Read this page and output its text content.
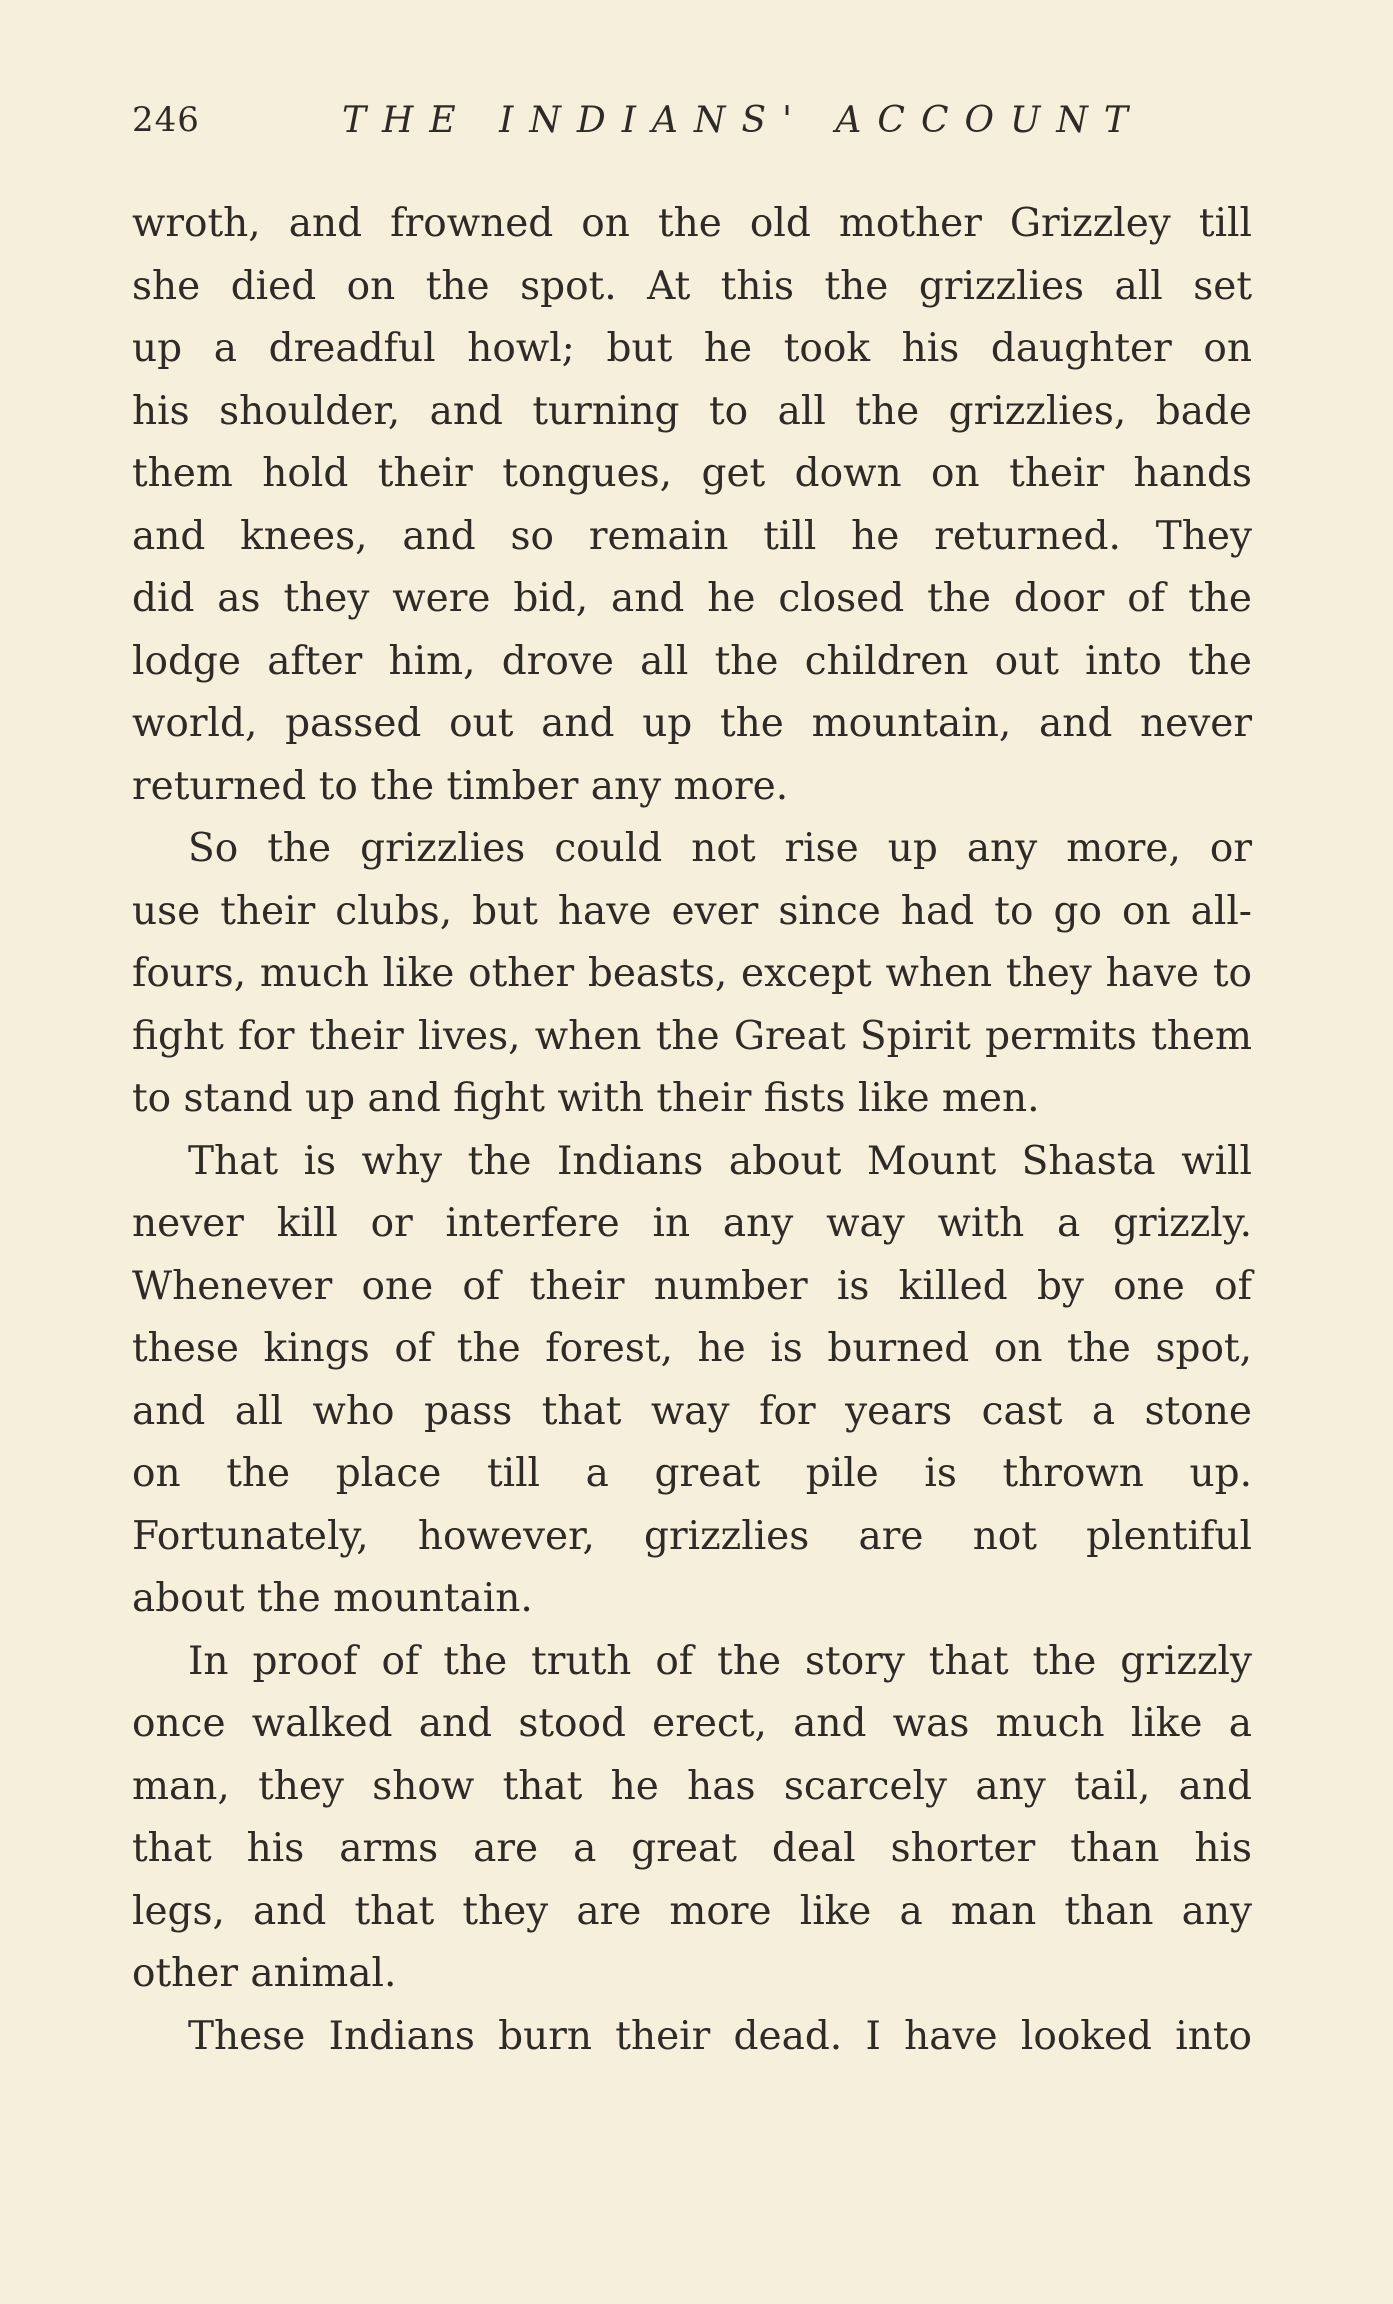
246	THE INDIANS' ACCOUNT
wroth, and frowned on the old mother Grizzley till
she died on the spot. At this the grizzlies all set
up a dreadful howl; but he took his daughter on
his shoulder, and turning to all the grizzlies, bade
them hold their tongues, get down on their hands
and knees, and so remain till he returned. They
did as they were bid, and he closed the door of the
lodge after him, drove all the children out into the
world, passed out and up the mountain, and never
returned to the timber any more.
So the grizzlies could not rise up any more, or
use their clubs, but have ever since had to go on all-
fours, much like other beasts, except when they have to
fight for their lives, when the Great Spirit permits them
to stand up and fight with their fists like men.
That is why the Indians about Mount Shasta will
never kill or interfere in any way with a grizzly.
Whenever one of their number is killed by one of
these kings of the forest, he is burned on the spot,
and all who pass that way for years cast a stone
on the place till a great pile is thrown up.
Fortunately, however, grizzlies are not plentiful
about the mountain.
In proof of the truth of the story that the grizzly
once walked and stood erect, and was much like a
man, they show that he has scarcely any tail, and
that his arms are a great deal shorter than his
legs, and that they are more like a man than any
other animal.
These Indians burn their dead. I have looked into
